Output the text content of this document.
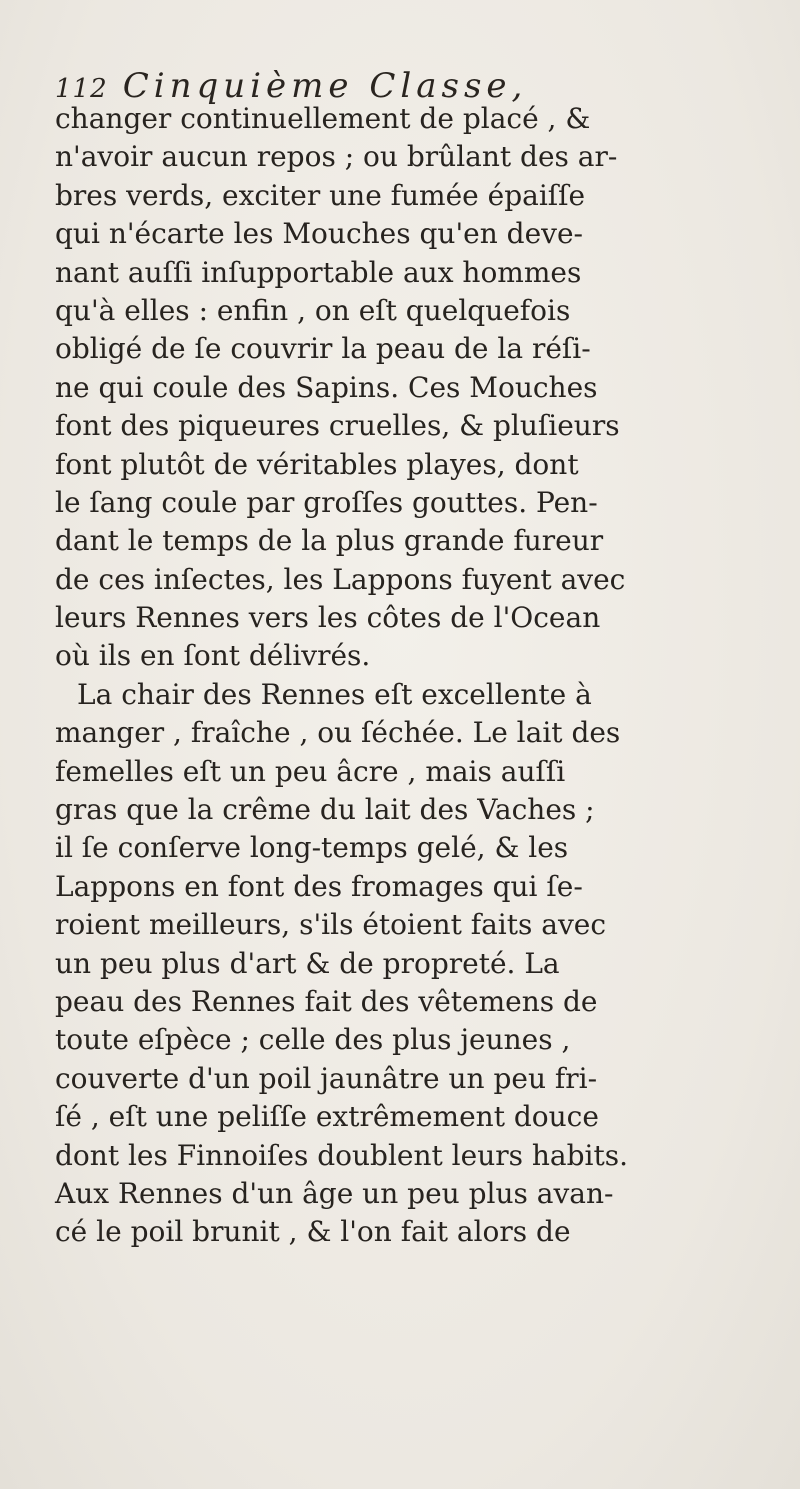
112 Cinquième Classe,
changer continuellement de placé , &
n'avoir aucun repos ; ou brûlant des ar-
bres verds, exciter une fumée épaiſſe
qui n'écarte les Mouches qu'en deve-
nant auſſi inſupportable aux hommes
qu'à elles : enfin , on eſt quelquefois
obligé de ſe couvrir la peau de la réſi-
ne qui coule des Sapins. Ces Mouches
font des piqueures cruelles, & pluſieurs
font plutôt de véritables playes, dont
le ſang coule par groſſes gouttes. Pen-
dant le temps de la plus grande fureur
de ces inſectes, les Lappons fuyent avec
leurs Rennes vers les côtes de l'Ocean
où ils en ſont délivrés.
La chair des Rennes eſt excellente à
manger , fraîche , ou ſéchée. Le lait des
femelles eſt un peu âcre , mais auſſi
gras que la crême du lait des Vaches ;
il ſe conſerve long-temps gelé, & les
Lappons en font des fromages qui ſe-
roient meilleurs, s'ils étoient faits avec
un peu plus d'art & de propreté. La
peau des Rennes fait des vêtemens de
toute eſpèce ; celle des plus jeunes ,
couverte d'un poil jaunâtre un peu fri-
ſé , eſt une peliſſe extrêmement douce
dont les Finnoiſes doublent leurs habits.
Aux Rennes d'un âge un peu plus avan-
cé le poil brunit , & l'on fait alors de
